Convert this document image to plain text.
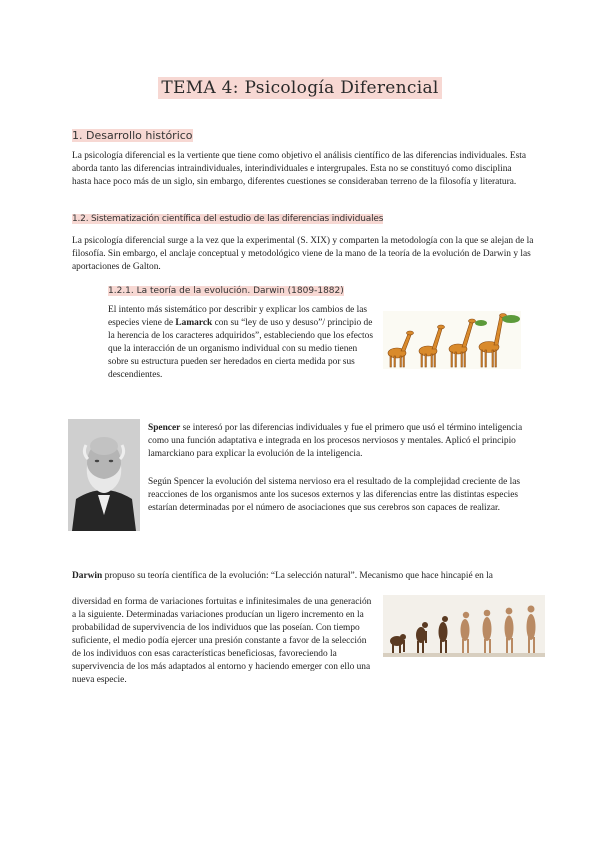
TEMA 4: Psicología Diferencial
1. Desarrollo histórico
La psicología diferencial es la vertiente que tiene como objetivo el análisis científico de las diferencias individuales. Esta aborda tanto las diferencias intraindividuales, interindividuales e intergrupales. Esta no se constituyó como disciplina hasta hace poco más de un siglo, sin embargo, diferentes cuestiones se consideraban terreno de la filosofía y literatura.
1.2. Sistematización científica del estudio de las diferencias individuales
La psicología diferencial surge a la vez que la experimental (S. XIX) y comparten la metodología con la que se alejan de la filosofía. Sin embargo, el anclaje conceptual y metodológico viene de la mano de la teoría de la evolución de Darwin y las aportaciones de Galton.
1.2.1. La teoría de la evolución. Darwin (1809-1882)
El intento más sistemático por describir y explicar los cambios de las especies viene de Lamarck con su “ley de uso y desuso”/ principio de la herencia de los caracteres adquiridos”, estableciendo que los efectos que la interacción de un organismo individual con su medio tienen sobre su estructura pueden ser heredados en cierta medida por sus descendientes.
Spencer se interesó por las diferencias individuales y fue el primero que usó el término inteligencia como una función adaptativa e integrada en los procesos nerviosos y mentales. Aplicó el principio lamarckiano para explicar la evolución de la inteligencia.
Según Spencer la evolución del sistema nervioso era el resultado de la complejidad creciente de las reacciones de los organismos ante los sucesos externos y las diferencias entre las distintas especies estarían determinadas por el número de asociaciones que sus cerebros son capaces de realizar.
Darwin propuso su teoría científica de la evolución: “La selección natural”. Mecanismo que hace hincapié en la
diversidad en forma de variaciones fortuitas e infinitesimales de una generación a la siguiente. Determinadas variaciones producían un ligero incremento en la probabilidad de supervivencia de los individuos que las poseían. Con tiempo suficiente, el medio podía ejercer una presión constante a favor de la selección de los individuos con esas características beneficiosas, favoreciendo la supervivencia de los más adaptados al entorno y haciendo emerger con ello una nueva especie.
